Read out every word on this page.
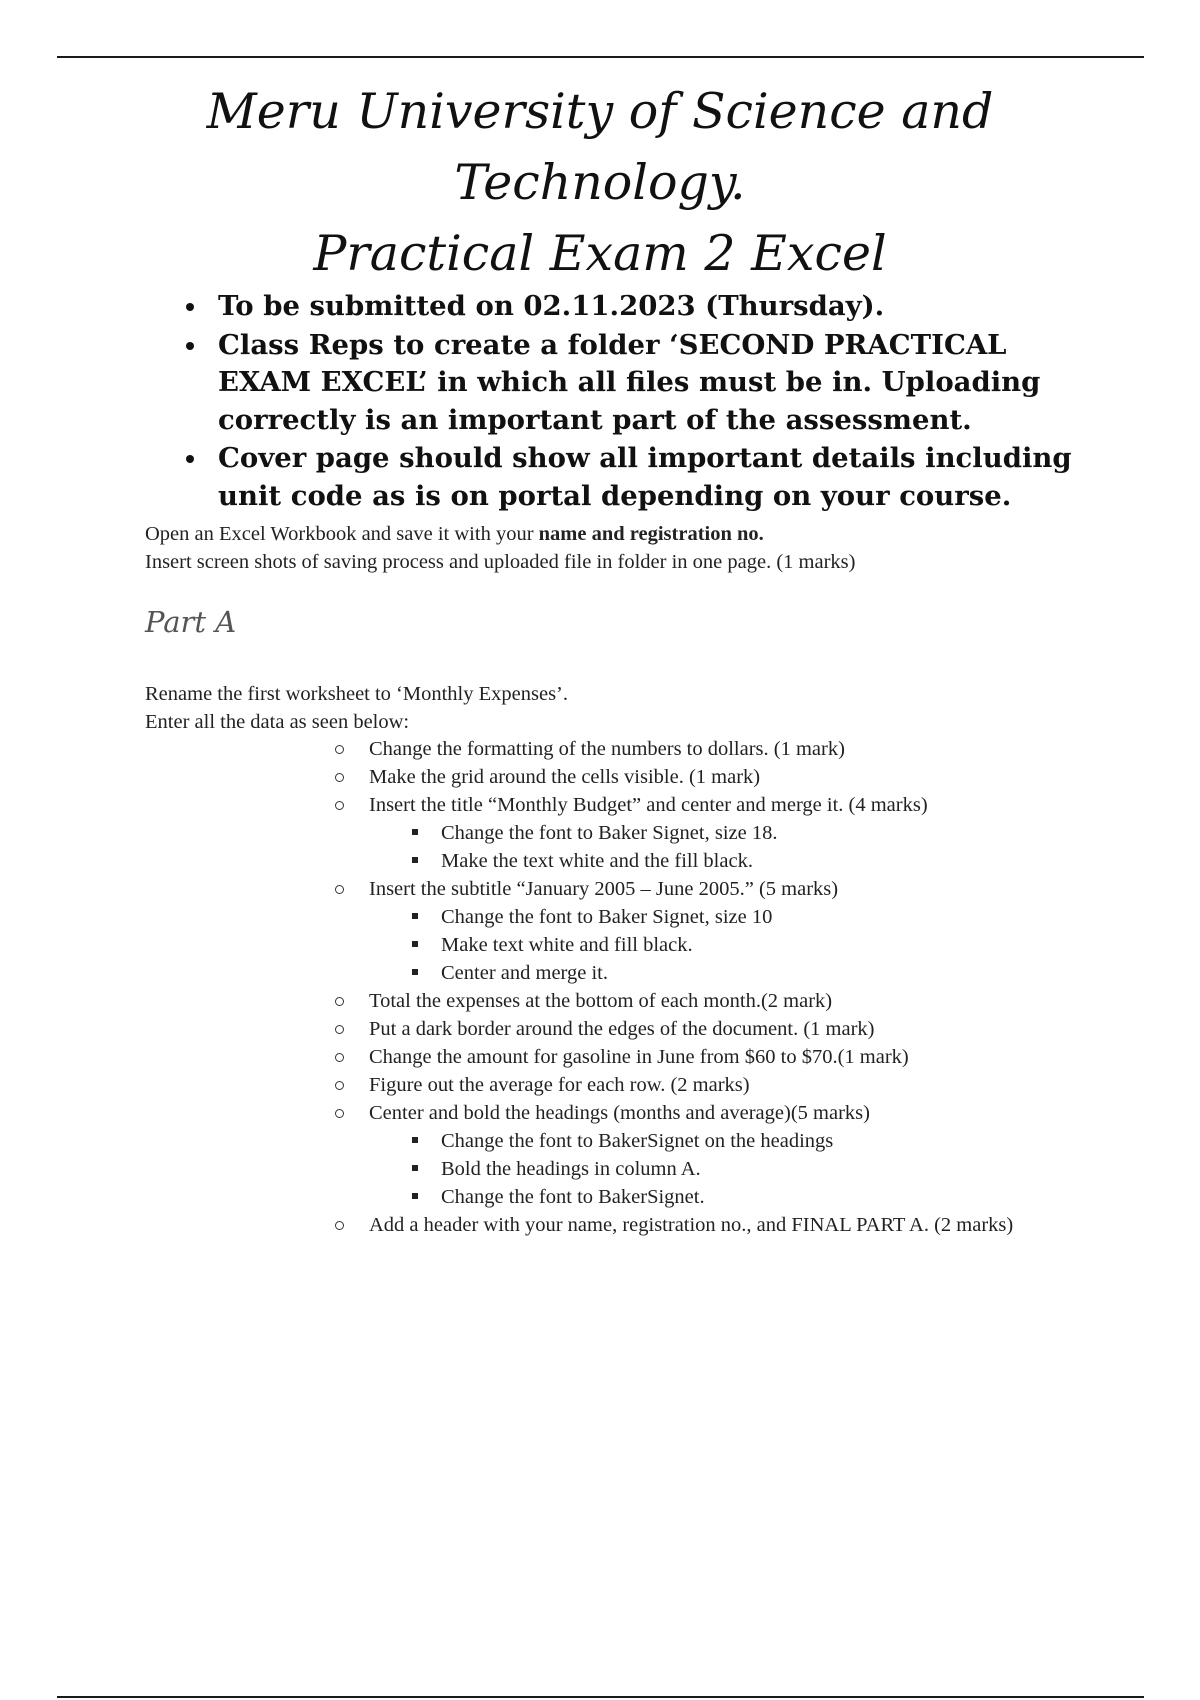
Meru University of Science and
Technology.
Practical Exam 2 Excel
To be submitted on 02.11.2023 (Thursday).
Class Reps to create a folder ‘SECOND PRACTICAL EXAM EXCEL’ in which all files must be in. Uploading correctly is an important part of the assessment.
Cover page should show all important details including unit code as is on portal depending on your course.
Open an Excel Workbook and save it with your name and registration no.
Insert screen shots of saving process and uploaded file in folder in one page. (1 marks)
Part A
Rename the first worksheet to ‘Monthly Expenses’.
Enter all the data as seen below:
Change the formatting of the numbers to dollars. (1 mark)
Make the grid around the cells visible. (1 mark)
Insert the title “Monthly Budget” and center and merge it. (4 marks)
Change the font to Baker Signet, size 18.
Make the text white and the fill black.
Insert the subtitle “January 2005 – June 2005.” (5 marks)
Change the font to Baker Signet, size 10
Make text white and fill black.
Center and merge it.
Total the expenses at the bottom of each month.(2 mark)
Put a dark border around the edges of the document. (1 mark)
Change the amount for gasoline in June from $60 to $70.(1 mark)
Figure out the average for each row. (2 marks)
Center and bold the headings (months and average)(5 marks)
Change the font to BakerSignet on the headings
Bold the headings in column A.
Change the font to BakerSignet.
Add a header with your name, registration no., and FINAL PART A. (2 marks)
